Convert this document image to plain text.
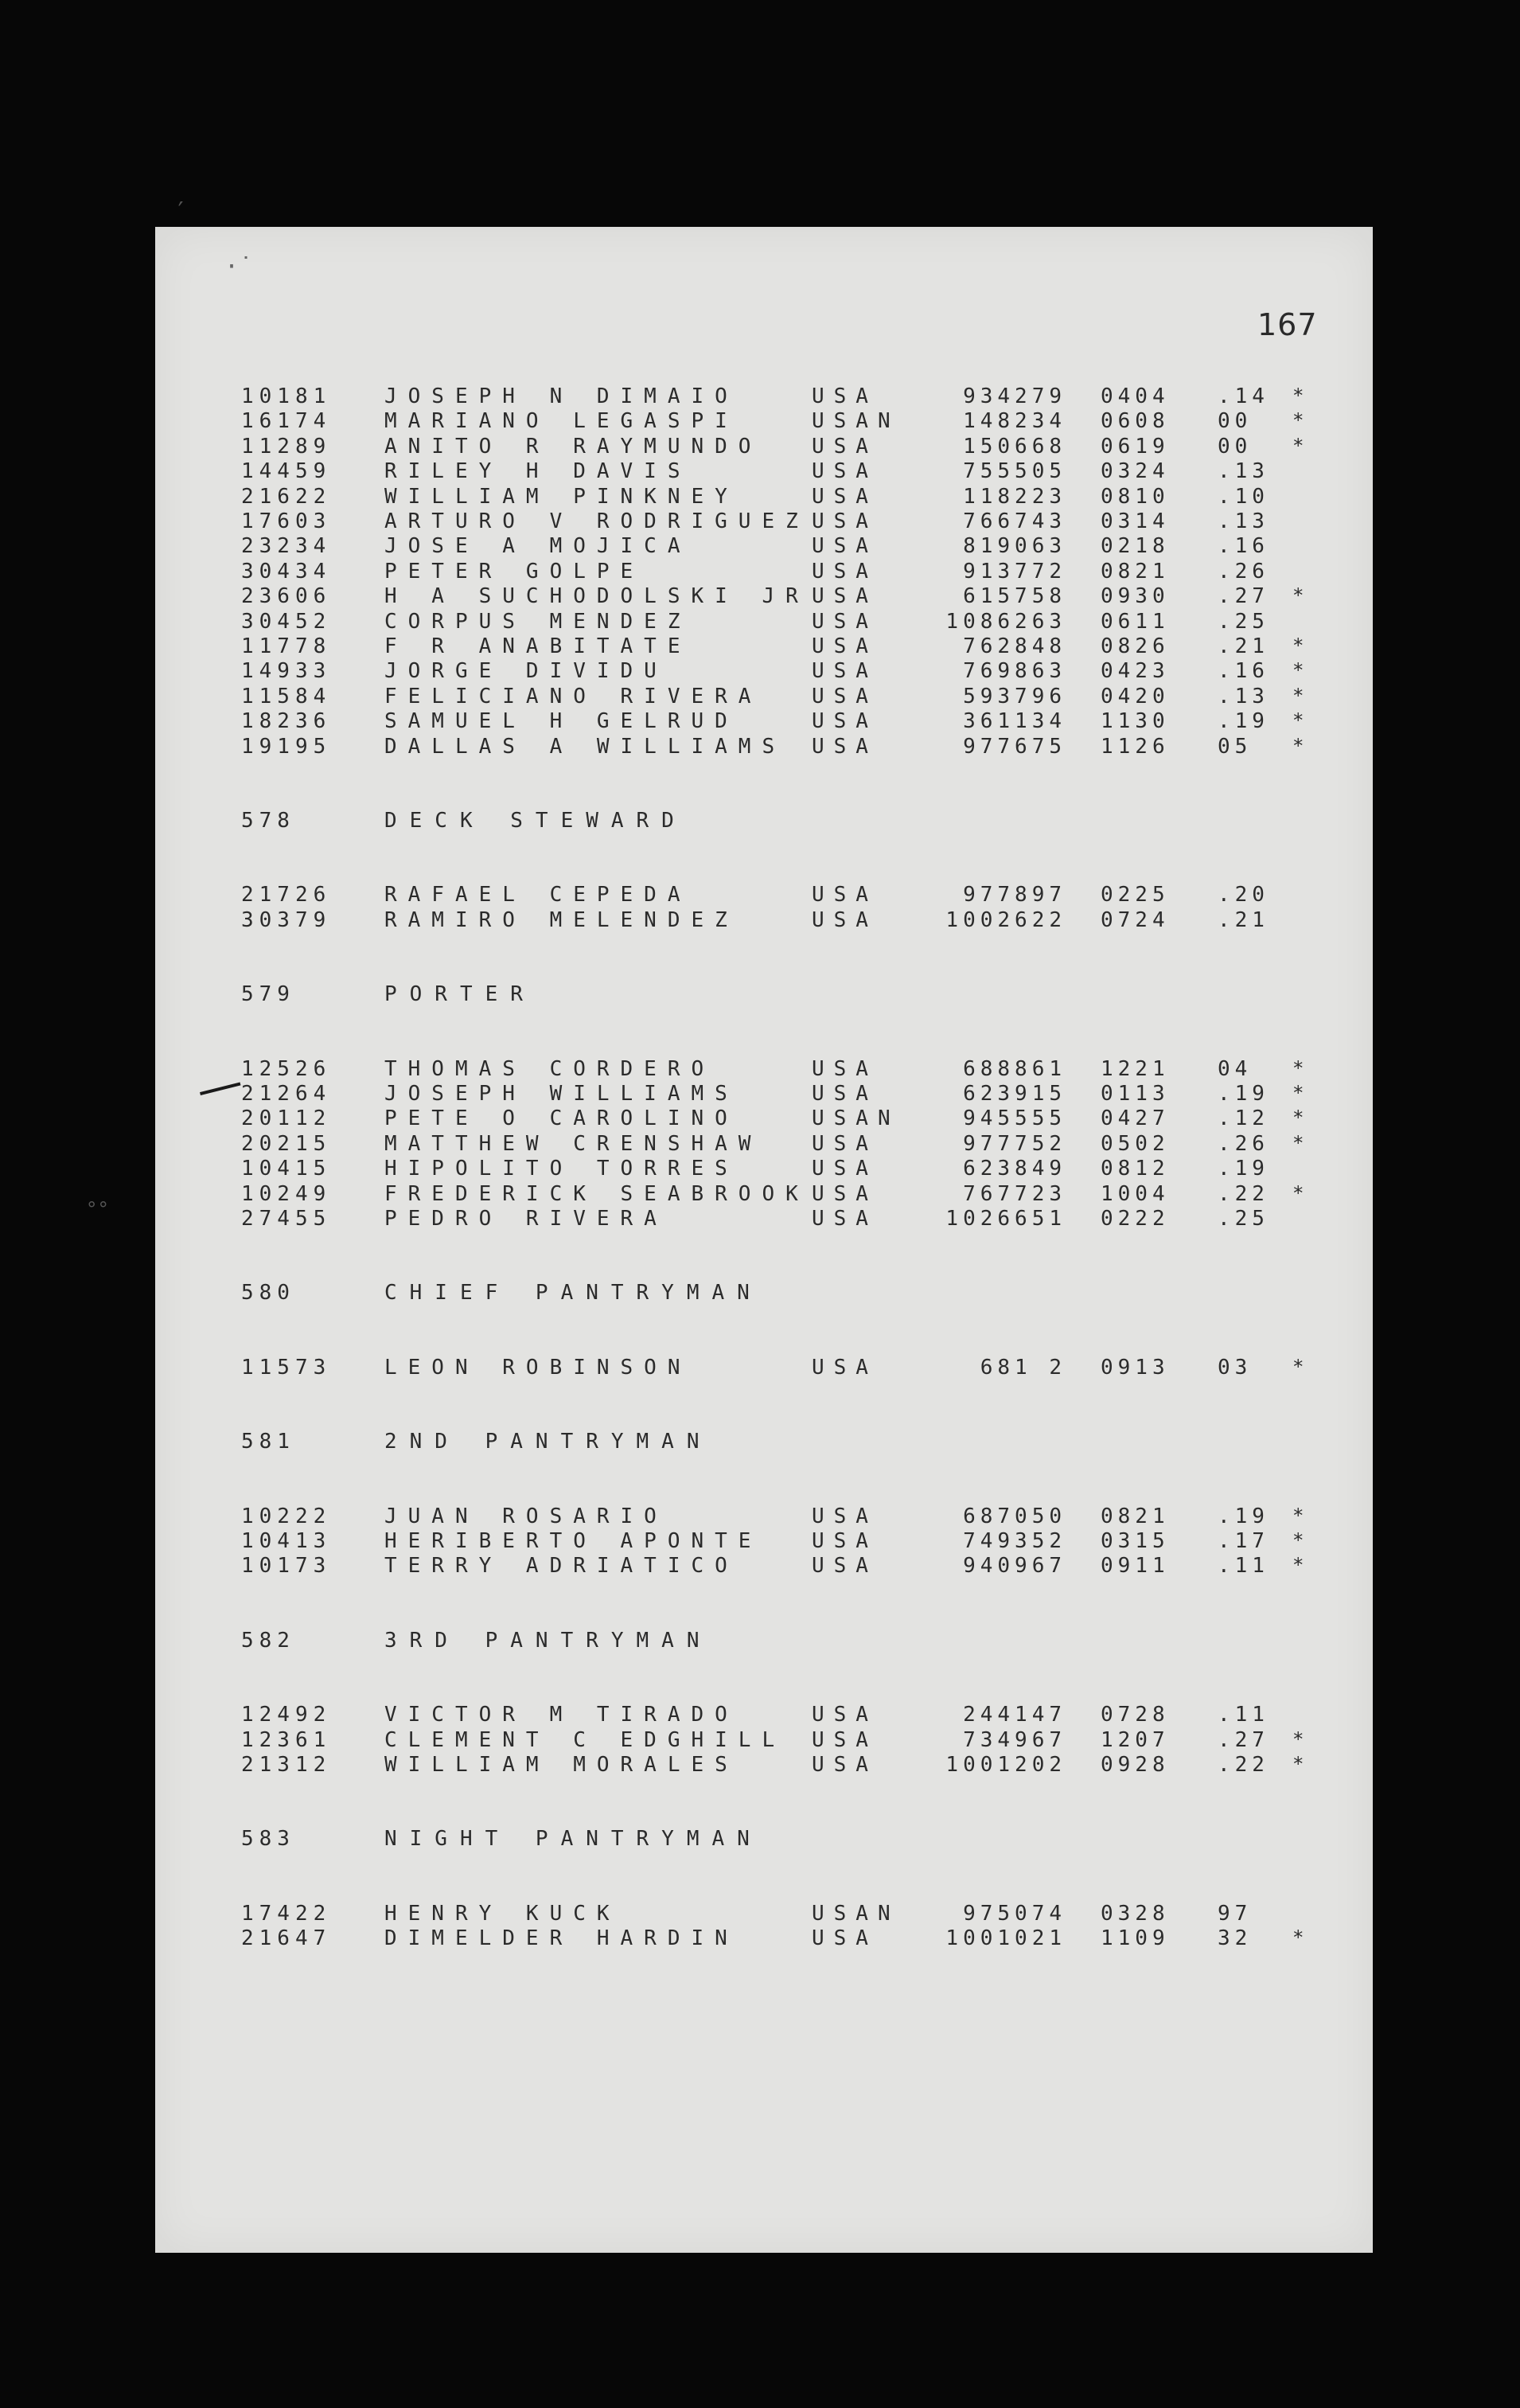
′
·˙
°°
167
10181	JOSEPH N DIMAIO	USA	934279 0404 .14 *
16174	MARIANO LEGASPI	USAN	148234 0608 00 *
11289	ANITO R RAYMUNDO USA	150668 0619 00 *
14459	RILEY H DAVIS	USA	755505 0324 .13
21622	WILLIAM PINKNEY	USA	118223 0810 .10
17603	ARTURO V RODRIGUEZ USA	766743 0314 .13
23234	JOSE A MOJICA	USA	819063 0218 .16
30434	PETER GOLPE	USA	913772 0821 .26
23606	H A SUCHODOLSKI JR USA	615758 0930 .27 *
30452	CORPUS MENDEZ	USA	1086263 0611 .25
11778	F R ANABITATE	USA	762848 0826 .21 *
14933	JORGE DIVIDU	USA	769863 0423 .16 *
11584	FELICIANO RIVERA USA	593796 0420 .13 *
18236	SAMUEL H GELRUD	USA	361134 1130 .19 *
19195	DALLAS A WILLIAMS USA	977675 1126 05 *
578	DECK STEWARD
21726	RAFAEL CEPEDA	USA	977897 0225 .20
30379	RAMIRO MELENDEZ	USA	1002622 0724 .21
579	PORTER
12526	THOMAS CORDERO	USA	688861 1221 04 *
21264	JOSEPH WILLIAMS	USA	623915 0113 .19 *
20112	PETE O CAROLINO	USAN	945555 0427 .12 *
20215	MATTHEW CRENSHAW USA	977752 0502 .26 *
10415	HIPOLITO TORRES	USA	623849 0812 .19
10249	FREDERICK SEABROOK USA	767723 1004 .22 *
27455	PEDRO RIVERA	USA	1026651 0222 .25
580	CHIEF PANTRYMAN
11573	LEON ROBINSON	USA	681 2 0913 03 *
581	2ND PANTRYMAN
10222	JUAN ROSARIO	USA	687050 0821 .19 *
10413	HERIBERTO APONTE USA	749352 0315 .17 *
10173	TERRY ADRIATICO	USA	940967 0911 .11 *
582	3RD PANTRYMAN
12492	VICTOR M TIRADO	USA	244147 0728 .11
12361	CLEMENT C EDGHILL USA	734967 1207 .27 *
21312	WILLIAM MORALES	USA	1001202 0928 .22 *
583	NIGHT PANTRYMAN
17422	HENRY KUCK	USAN	975074 0328 97
21647	DIMELDER HARDIN	USA	1001021 1109 32 *
